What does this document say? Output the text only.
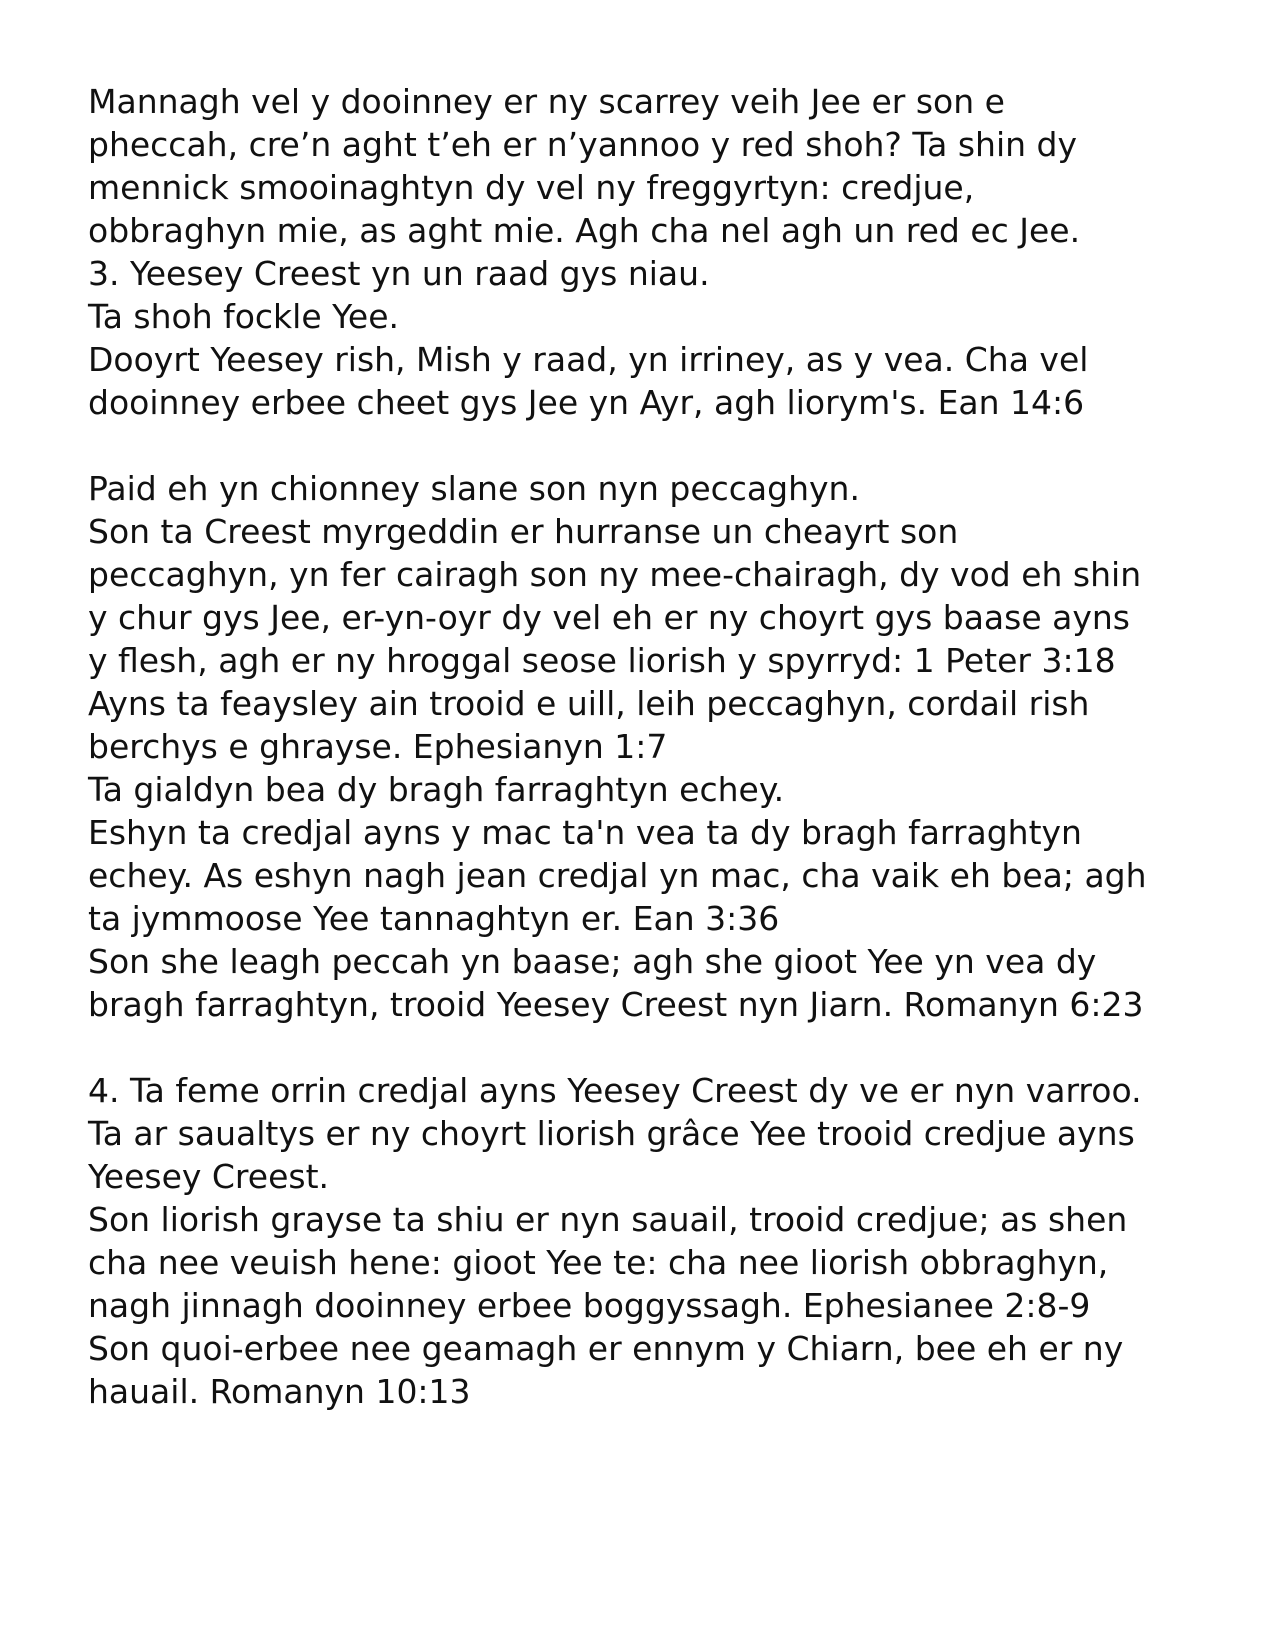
Mannagh vel y dooinney er ny scarrey veih Jee er son e
pheccah, cre’n aght t’eh er n’yannoo y red shoh? Ta shin dy
mennick smooinaghtyn dy vel ny freggyrtyn: credjue,
obbraghyn mie, as aght mie. Agh cha nel agh un red ec Jee.
3. Yeesey Creest yn un raad gys niau.
Ta shoh fockle Yee.
Dooyrt Yeesey rish, Mish y raad, yn irriney, as y vea. Cha vel
dooinney erbee cheet gys Jee yn Ayr, agh liorym's. Ean 14:6
Paid eh yn chionney slane son nyn peccaghyn.
Son ta Creest myrgeddin er hurranse un cheayrt son
peccaghyn, yn fer cairagh son ny mee-chairagh, dy vod eh shin
y chur gys Jee, er-yn-oyr dy vel eh er ny choyrt gys baase ayns
y flesh, agh er ny hroggal seose liorish y spyrryd: 1 Peter 3:18
Ayns ta feaysley ain trooid e uill, leih peccaghyn, cordail rish
berchys e ghrayse. Ephesianyn 1:7
Ta gialdyn bea dy bragh farraghtyn echey.
Eshyn ta credjal ayns y mac ta'n vea ta dy bragh farraghtyn
echey. As eshyn nagh jean credjal yn mac, cha vaik eh bea; agh
ta jymmoose Yee tannaghtyn er. Ean 3:36
Son she leagh peccah yn baase; agh she gioot Yee yn vea dy
bragh farraghtyn, trooid Yeesey Creest nyn Jiarn. Romanyn 6:23
4. Ta feme orrin credjal ayns Yeesey Creest dy ve er nyn varroo.
Ta ar saualtys er ny choyrt liorish grâce Yee trooid credjue ayns
Yeesey Creest.
Son liorish grayse ta shiu er nyn sauail, trooid credjue; as shen
cha nee veuish hene: gioot Yee te: cha nee liorish obbraghyn,
nagh jinnagh dooinney erbee boggyssagh. Ephesianee 2:8-9
Son quoi-erbee nee geamagh er ennym y Chiarn, bee eh er ny
hauail. Romanyn 10:13
